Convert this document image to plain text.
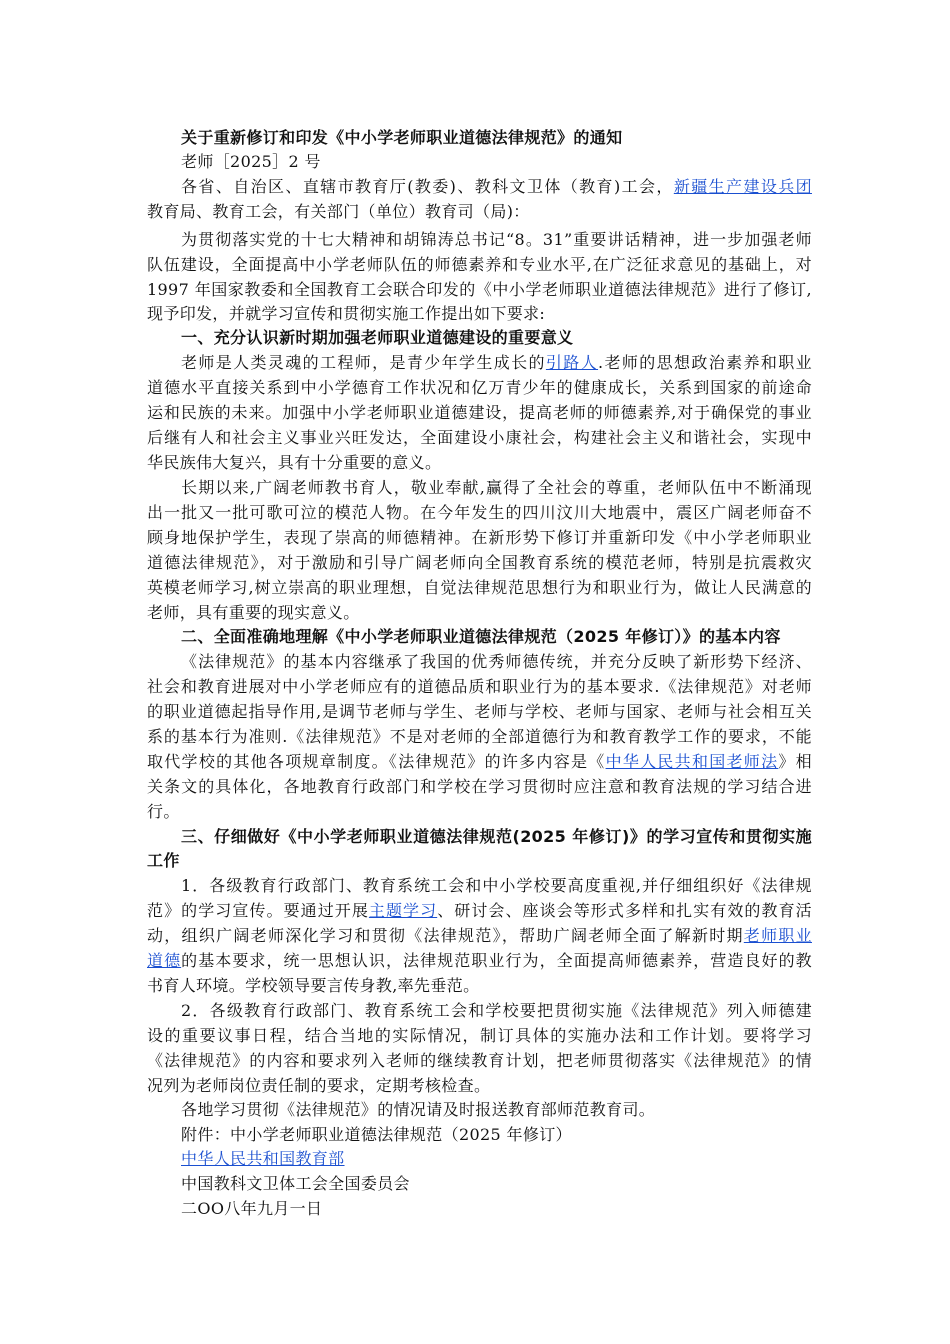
关于重新修订和印发《中小学老师职业道德法律规范》的通知
老师［2025］2 号
各省、自治区、直辖市教育厅(教委)、教科文卫体（教育)工会，新疆生产建设兵团
教育局、教育工会，有关部门（单位）教育司（局)：
为贯彻落实党的十七大精神和胡锦涛总书记“8。31”重要讲话精神，进一步加强老师
队伍建设，全面提高中小学老师队伍的师德素养和专业水平,在广泛征求意见的基础上，对
1997 年国家教委和全国教育工会联合印发的《中小学老师职业道德法律规范》进行了修订,
现予印发，并就学习宣传和贯彻实施工作提出如下要求:
一、充分认识新时期加强老师职业道德建设的重要意义
老师是人类灵魂的工程师，是青少年学生成长的引路人.老师的思想政治素养和职业
道德水平直接关系到中小学德育工作状况和亿万青少年的健康成长，关系到国家的前途命
运和民族的未来。加强中小学老师职业道德建设，提高老师的师德素养,对于确保党的事业
后继有人和社会主义事业兴旺发达，全面建设小康社会，构建社会主义和谐社会，实现中
华民族伟大复兴，具有十分重要的意义。
长期以来,广阔老师教书育人，敬业奉献,赢得了全社会的尊重，老师队伍中不断涌现
出一批又一批可歌可泣的模范人物。在今年发生的四川汶川大地震中，震区广阔老师奋不
顾身地保护学生，表现了崇高的师德精神。在新形势下修订并重新印发《中小学老师职业
道德法律规范》，对于激励和引导广阔老师向全国教育系统的模范老师，特别是抗震救灾
英模老师学习,树立崇高的职业理想，自觉法律规范思想行为和职业行为，做让人民满意的
老师，具有重要的现实意义。
二、全面准确地理解《中小学老师职业道德法律规范（2025 年修订）》的基本内容
《法律规范》的基本内容继承了我国的优秀师德传统，并充分反映了新形势下经济、
社会和教育进展对中小学老师应有的道德品质和职业行为的基本要求.《法律规范》对老师
的职业道德起指导作用,是调节老师与学生、老师与学校、老师与国家、老师与社会相互关
系的基本行为准则.《法律规范》不是对老师的全部道德行为和教育教学工作的要求，不能
取代学校的其他各项规章制度。《法律规范》的许多内容是《中华人民共和国老师法》相
关条文的具体化，各地教育行政部门和学校在学习贯彻时应注意和教育法规的学习结合进
行。
三、仔细做好《中小学老师职业道德法律规范(2025 年修订)》的学习宣传和贯彻实施
工作
1．各级教育行政部门、教育系统工会和中小学校要高度重视,并仔细组织好《法律规
范》的学习宣传。要通过开展主题学习、研讨会、座谈会等形式多样和扎实有效的教育活
动，组织广阔老师深化学习和贯彻《法律规范》，帮助广阔老师全面了解新时期老师职业
道德的基本要求，统一思想认识，法律规范职业行为，全面提高师德素养，营造良好的教
书育人环境。学校领导要言传身教,率先垂范。
2．各级教育行政部门、教育系统工会和学校要把贯彻实施《法律规范》列入师德建
设的重要议事日程，结合当地的实际情况，制订具体的实施办法和工作计划。要将学习
《法律规范》的内容和要求列入老师的继续教育计划，把老师贯彻落实《法律规范》的情
况列为老师岗位责任制的要求，定期考核检查。
各地学习贯彻《法律规范》的情况请及时报送教育部师范教育司。
附件：中小学老师职业道德法律规范（2025 年修订）
中华人民共和国教育部
中国教科文卫体工会全国委员会
二OO八年九月一日
